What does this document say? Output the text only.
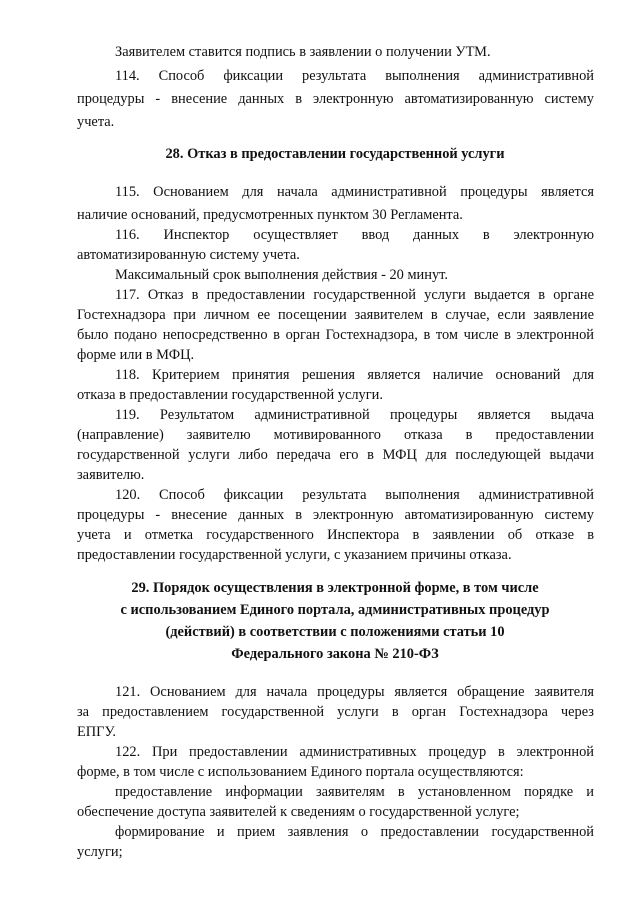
Заявителем ставится подпись в заявлении о получении УТМ.
114. Способ фиксации результата выполнения административной
процедуры - внесение данных в электронную автоматизированную систему
учета.
28. Отказ в предоставлении государственной услуги
115. Основанием для начала административной процедуры является
наличие оснований, предусмотренных пунктом 30 Регламента.
116. Инспектор осуществляет ввод данных в электронную
автоматизированную систему учета.
Максимальный срок выполнения действия - 20 минут.
117. Отказ в предоставлении государственной услуги выдается в органе
Гостехнадзора при личном ее посещении заявителем в случае, если заявление
было подано непосредственно в орган Гостехнадзора, в том числе в электронной
форме или в МФЦ.
118. Критерием принятия решения является наличие оснований для
отказа в предоставлении государственной услуги.
119. Результатом административной процедуры является выдача
(направление) заявителю мотивированного отказа в предоставлении
государственной услуги либо передача его в МФЦ для последующей выдачи
заявителю.
120. Способ фиксации результата выполнения административной
процедуры - внесение данных в электронную автоматизированную систему
учета и отметка государственного Инспектора в заявлении об отказе в
предоставлении государственной услуги, с указанием причины отказа.
29. Порядок осуществления в электронной форме, в том числе
с использованием Единого портала, административных процедур
(действий) в соответствии с положениями статьи 10
Федерального закона № 210-ФЗ
121. Основанием для начала процедуры является обращение заявителя
за предоставлением государственной услуги в орган Гостехнадзора через
ЕПГУ.
122. При предоставлении административных процедур в электронной
форме, в том числе с использованием Единого портала осуществляются:
предоставление информации заявителям в установленном порядке и
обеспечение доступа заявителей к сведениям о государственной услуге;
формирование и прием заявления о предоставлении государственной
услуги;
